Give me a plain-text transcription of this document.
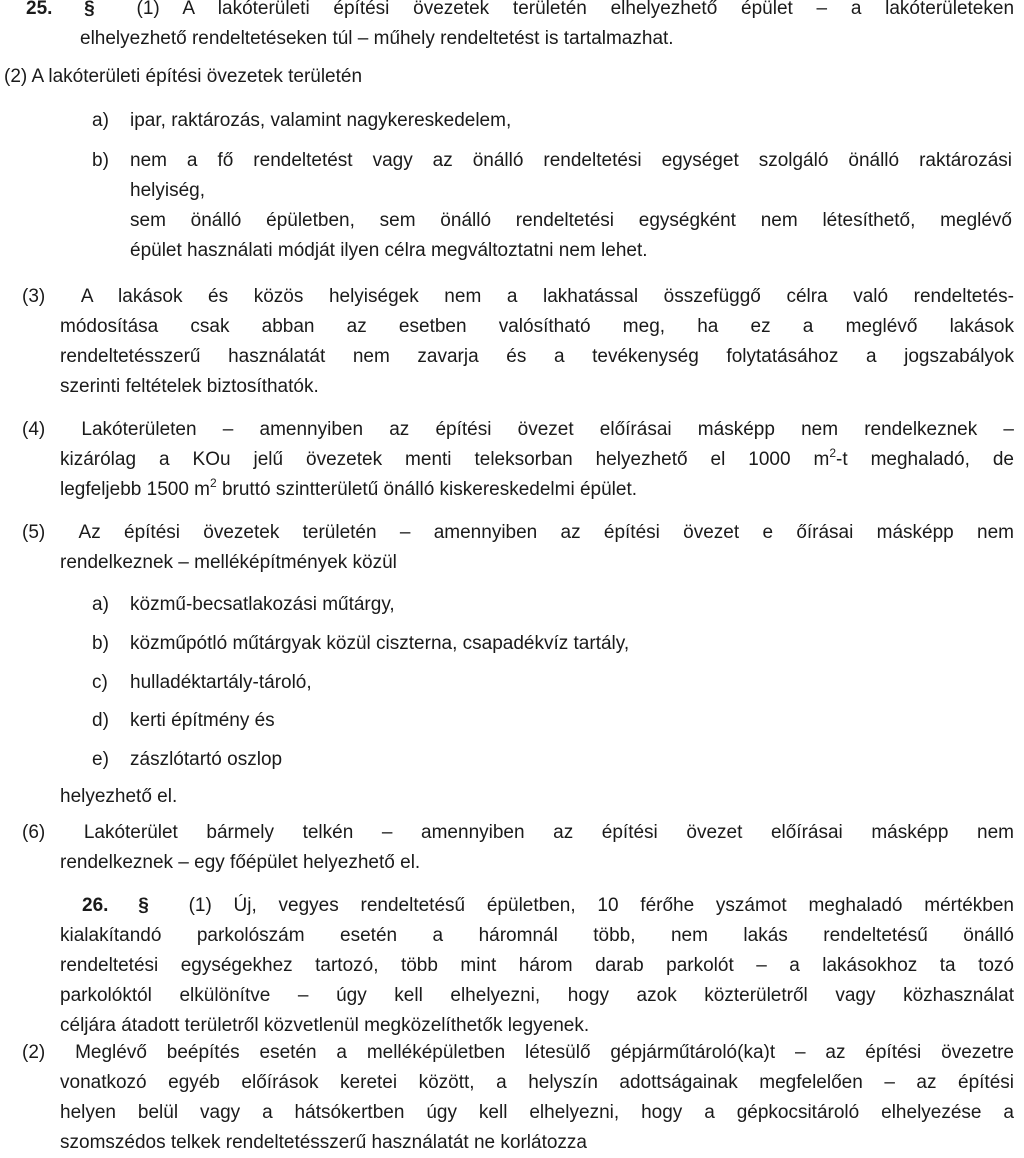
25. § (1) A lakóterületi építési övezetek területén elhelyezhető épület – a lakóterületeken
elhelyezhető rendeltetéseken túl – műhely rendeltetést is tartalmazhat.
(2) A lakóterületi építési övezetek területén
a) ipar, raktározás, valamint nagykereskedelem,
b) nem a fő rendeltetést vagy az önálló rendeltetési egységet szolgáló önálló raktározási
helyiség,
sem önálló épületben, sem önálló rendeltetési egységként nem létesíthető, meglévő
épület használati módját ilyen célra megváltoztatni nem lehet.
(3) A lakások és közös helyiségek nem a lakhatással összefüggő célra való rendeltetés-
módosítása csak abban az esetben valósítható meg, ha ez a meglévő lakások
rendeltetésszerű használatát nem zavarja és a tevékenység folytatásához a jogszabályok
szerinti feltételek biztosíthatók.
(4) Lakóterületen – amennyiben az építési övezet előírásai másképp nem rendelkeznek –
kizárólag a KOu jelű övezetek menti teleksorban helyezhető el 1000 $m^2-t$ meghaladó, de
legfeljebb 1500 $m^2$ bruttó szintterületű önálló kiskereskedelmi épület.
(5) Az építési övezetek területén – amennyiben az építési övezet e őírásai másképp nem
rendelkeznek – melléképítmények közül
a) közmű-becsatlakozási műtárgy,
b) közműpótló műtárgyak közül ciszterna, csapadékvíz tartály,
c) hulladéktartály-tároló,
d) kerti építmény és
e) zászlótartó oszlop
helyezhető el.
(6) Lakóterület bármely telkén – amennyiben az építési övezet előírásai másképp nem
rendelkeznek – egy főépület helyezhető el.
26. § (1) Új, vegyes rendeltetésű épületben, 10 férőhe yszámot meghaladó mértékben
kialakítandó parkolószám esetén a háromnál több, nem lakás rendeltetésű önálló
rendeltetési egységekhez tartozó, több mint három darab parkolót – a lakásokhoz ta tozó
parkolóktól elkülönítve – úgy kell elhelyezni, hogy azok közterületről vagy közhasználat
céljára átadott területről közvetlenül megközelíthetők legyenek.
(2) Meglévő beépítés esetén a melléképületben létesülő gépjárműtároló(ka)t – az építési övezetre
vonatkozó egyéb előírások keretei között, a helyszín adottságainak megfelelően – az építési
helyen belül vagy a hátsókertben úgy kell elhelyezni, hogy a gépkocsitároló elhelyezése a
szomszédos telkek rendeltetésszerű használatát ne korlátozza
